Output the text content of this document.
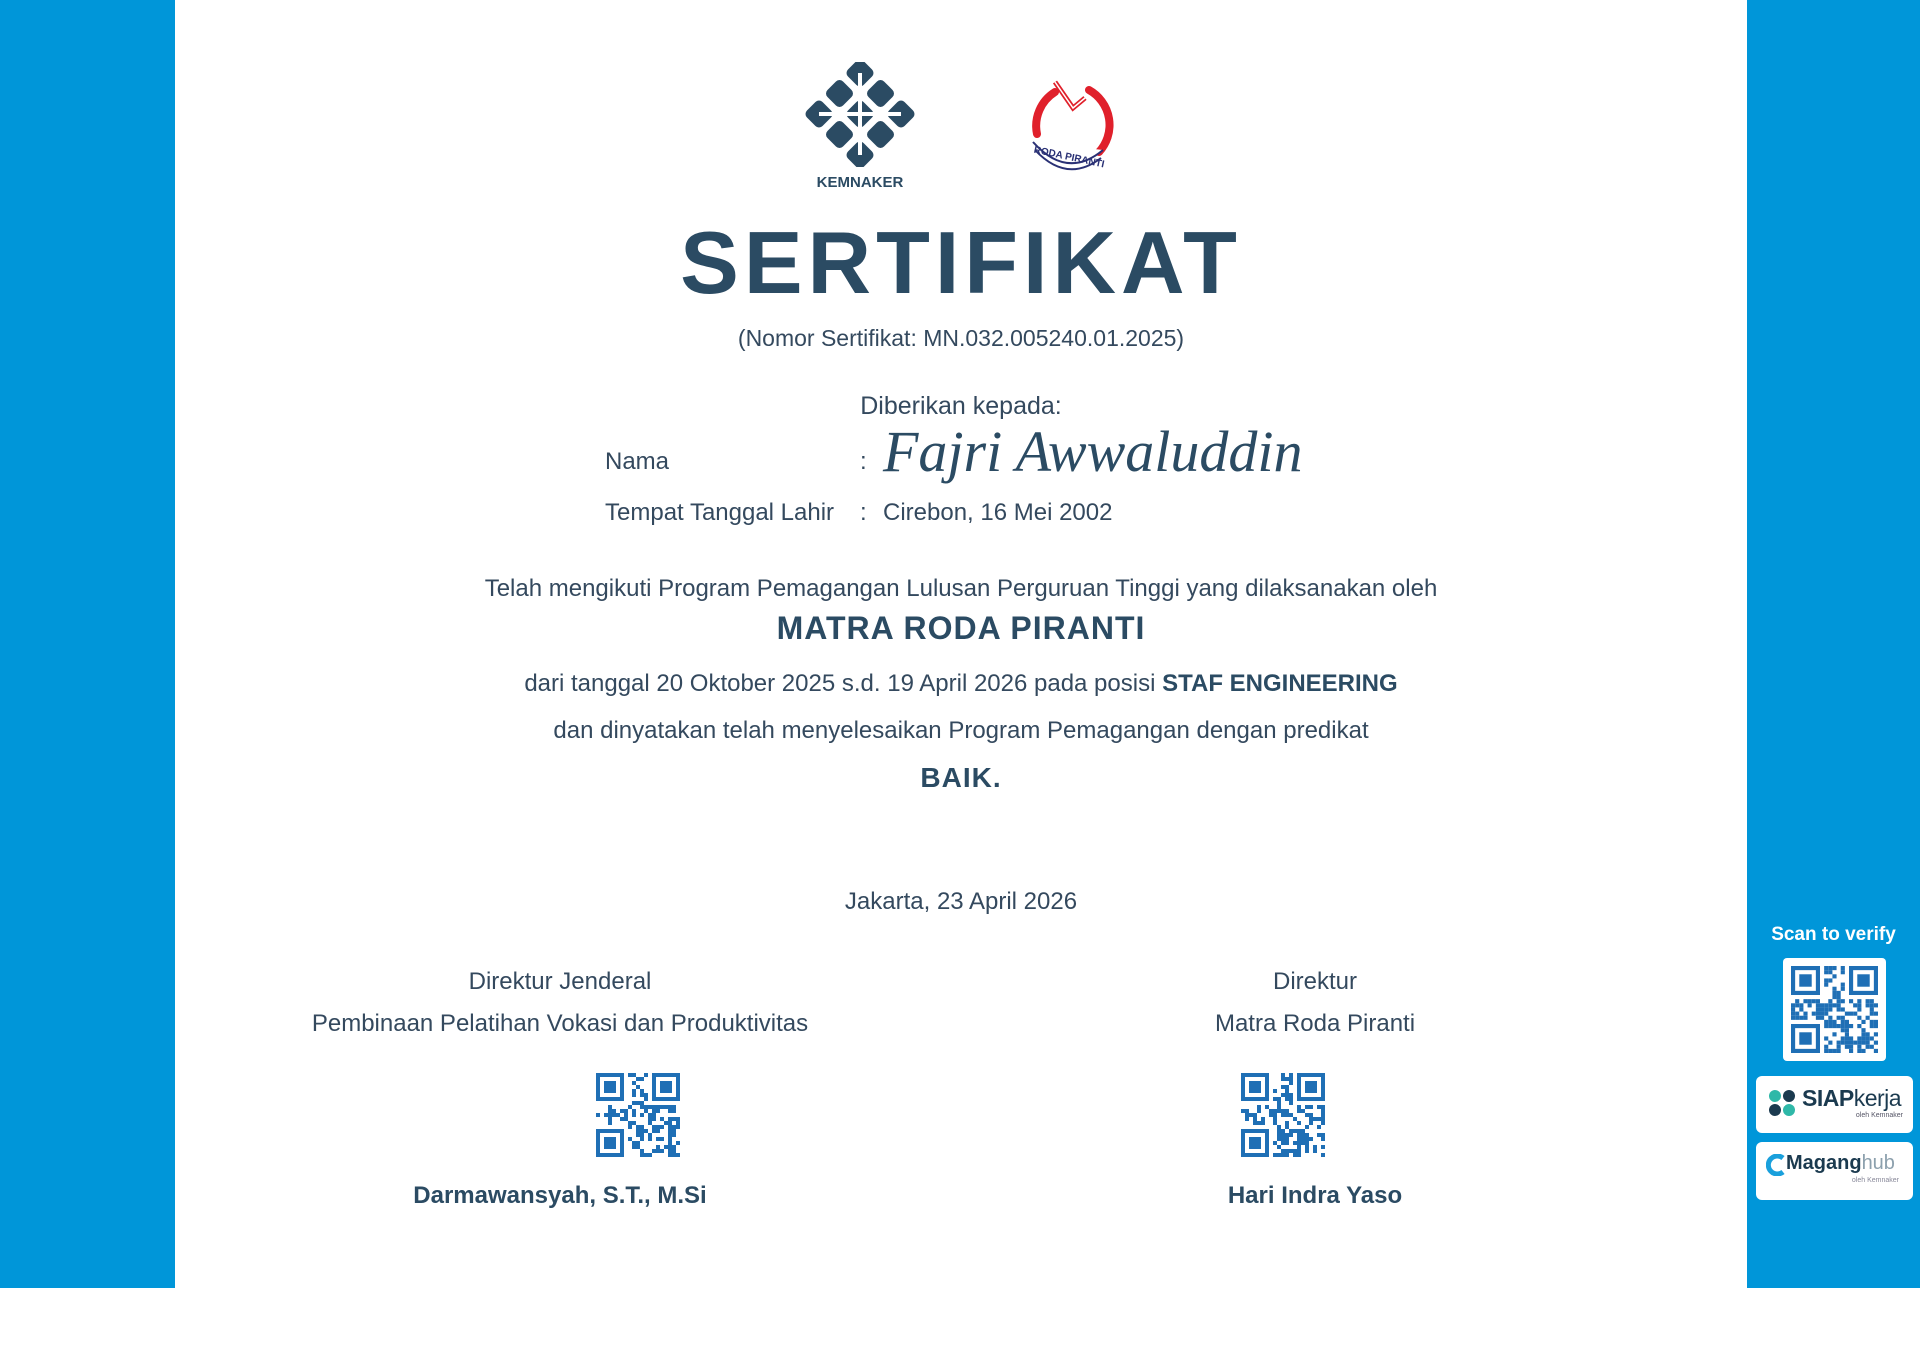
KEMNAKER
RODA PIRANTI
SERTIFIKAT
(Nomor Sertifikat: MN.032.005240.01.2025)
Diberikan kepada:
Nama	: Fajri Awwaluddin
Tempat Tanggal Lahir : Cirebon, 16 Mei 2002
Telah mengikuti Program Pemagangan Lulusan Perguruan Tinggi yang dilaksanakan oleh
MATRA RODA PIRANTI
dari tanggal 20 Oktober 2025 s.d. 19 April 2026 pada posisi STAF ENGINEERING
dan dinyatakan telah menyelesaikan Program Pemagangan dengan predikat
BAIK.
Jakarta, 23 April 2026
Direktur Jenderal
Pembinaan Pelatihan Vokasi dan Produktivitas
Darmawansyah, S.T., M.Si
Direktur
Matra Roda Piranti
Hari Indra Yaso
Scan to verify
SIAPkerja
oleh Kemnaker
Maganghub
oleh Kemnaker
